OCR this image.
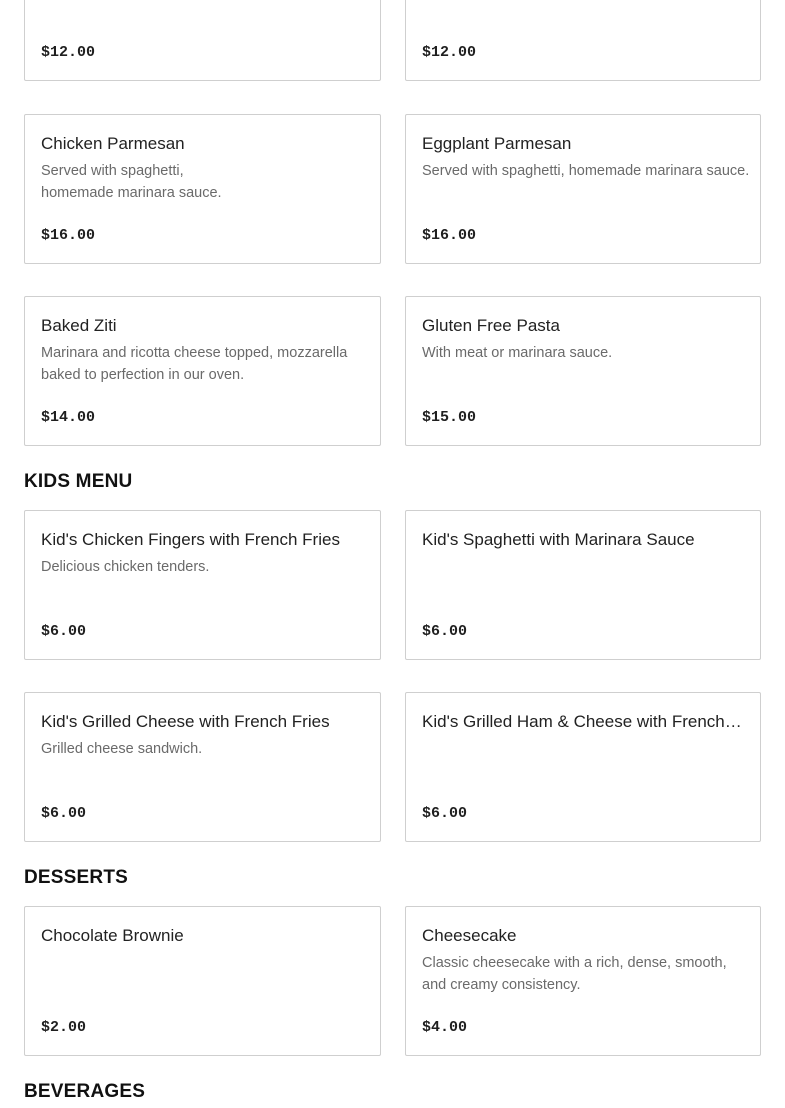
$12.00	$12.00
Chicken Parmesan
Served with spaghetti,
homemade marinara sauce.
$16.00
Eggplant Parmesan
Served with spaghetti, homemade marinara sauce.
$16.00
Baked Ziti
Marinara and ricotta cheese topped, mozzarella baked to perfection in our oven.
$14.00
Gluten Free Pasta
With meat or marinara sauce.
$15.00
KIDS MENU
Kid's Chicken Fingers with French Fries
Delicious chicken tenders.
$6.00
Kid's Spaghetti with Marinara Sauce
$6.00
Kid's Grilled Cheese with French Fries
Grilled cheese sandwich.
$6.00
Kid's Grilled Ham & Cheese with French…
$6.00
DESSERTS
Chocolate Brownie
$2.00
Cheesecake
Classic cheesecake with a rich, dense, smooth, and creamy consistency.
$4.00
BEVERAGES
